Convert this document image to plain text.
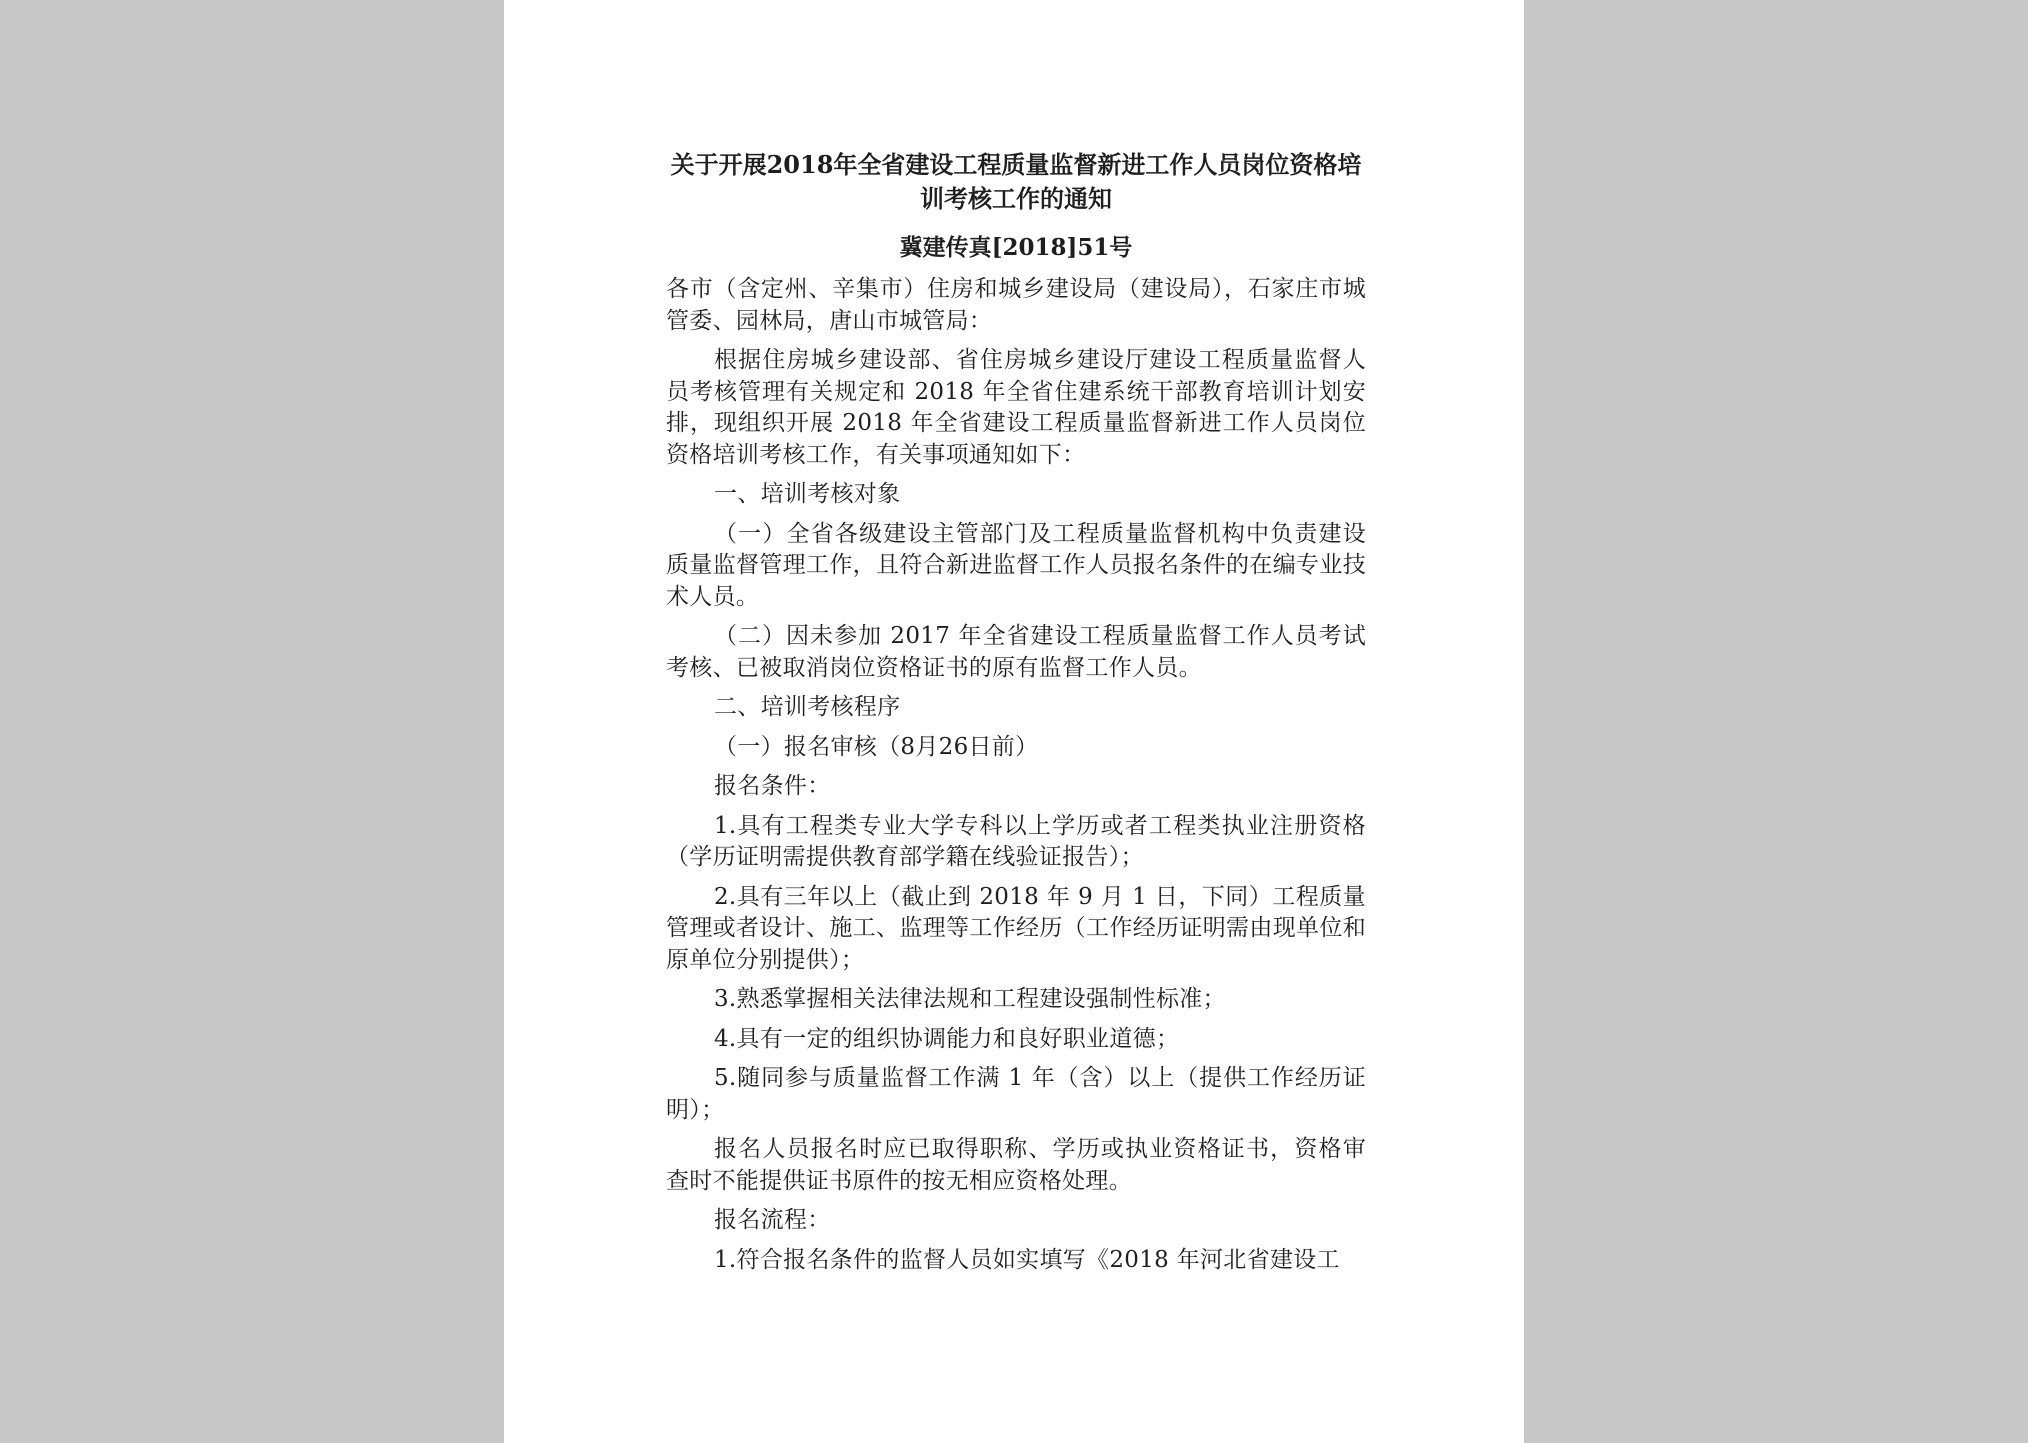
关于开展2018年全省建设工程质量监督新进工作人员岗位资格培
训考核工作的通知

冀建传真[2018]51号

各市（含定州、辛集市）住房和城乡建设局（建设局），石家庄市城管委、园林局，唐山市城管局：

根据住房城乡建设部、省住房城乡建设厅建设工程质量监督人员考核管理有关规定和 2018 年全省住建系统干部教育培训计划安排，现组织开展 2018 年全省建设工程质量监督新进工作人员岗位资格培训考核工作，有关事项通知如下：

一、培训考核对象

（一）全省各级建设主管部门及工程质量监督机构中负责建设质量监督管理工作，且符合新进监督工作人员报名条件的在编专业技术人员。

（二）因未参加 2017 年全省建设工程质量监督工作人员考试考核、已被取消岗位资格证书的原有监督工作人员。

二、培训考核程序

（一）报名审核（8月26日前）

报名条件：

1.具有工程类专业大学专科以上学历或者工程类执业注册资格（学历证明需提供教育部学籍在线验证报告）；

2.具有三年以上（截止到 2018 年 9 月 1 日，下同）工程质量管理或者设计、施工、监理等工作经历（工作经历证明需由现单位和原单位分别提供）；

3.熟悉掌握相关法律法规和工程建设强制性标准；

4.具有一定的组织协调能力和良好职业道德；

5.随同参与质量监督工作满 1 年（含）以上（提供工作经历证明）；

报名人员报名时应已取得职称、学历或执业资格证书，资格审查时不能提供证书原件的按无相应资格处理。

报名流程：

1.符合报名条件的监督人员如实填写《2018 年河北省建设工
